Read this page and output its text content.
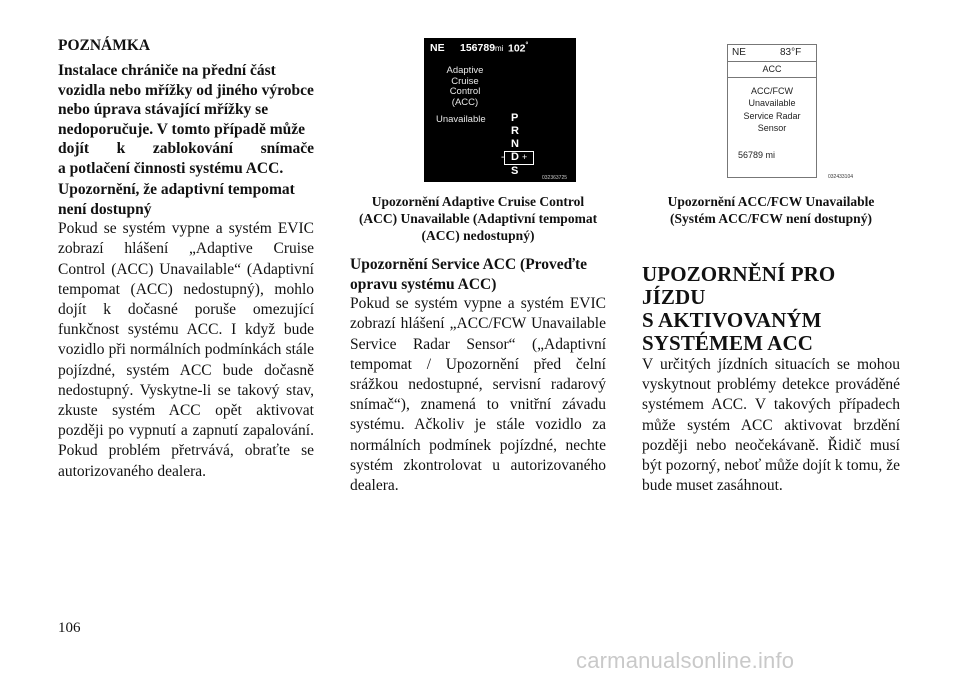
POZNÁMKA

Instalace chrániče na přední část

vozidla nebo mřížky od jiného výrobce

nebo úprava stávající mřížky se

nedoporučuje. V tomto případě může

dojít k zablokování snímače

a potlačení činnosti systému ACC.

Upozornění, že adaptivní tempomat

není dostupný

Pokud se systém vypne a systém EVIC zobrazí hlášení „Adaptive Cruise Control (ACC) Unavailable“ (Adaptivní tempomat (ACC) nedostupný), mohlo dojít k dočasné poruše omezující funkčnost systému ACC. I když bude vozidlo při normálních podmínkách stále pojízdné, systém ACC bude dočasně nedostupný. Vyskytne-li se takový stav, zkuste systém ACC opět aktivovat později po vypnutí a zapnutí zapalování. Pokud problém přetrvává, obraťte se autorizovaného dealera.

NE 156789mi 102°
Adaptive
Cruise
Control
(ACC)
Unavailable P
R
N
- D +
S
032363725
Upozornění Adaptive Cruise Control
(ACC) Unavailable (Adaptivní tempomat
(ACC) nedostupný)
NE	83°F
ACC
ACC/FCW
Unavailable
Service Radar
Sensor
56789 mi
032433104
Upozornění ACC/FCW Unavailable
(Systém ACC/FCW není dostupný)

Upozornění Service ACC (Proveďte

opravu systému ACC)

Pokud se systém vypne a systém EVIC zobrazí hlášení „ACC/FCW Unavailable Service Radar Sensor“ („Adaptivní tempomat / Upozornění před čelní srážkou nedostupné, servisní radarový snímač“), znamená to vnitřní závadu systému. Ačkoliv je stále vozidlo za normálních podmínek pojízdné, nechte systém zkontrolovat u autorizovaného dealera.

UPOZORNĚNÍ PRO JÍZDU

S AKTIVOVANÝM

SYSTÉMEM ACC

V určitých jízdních situacích se mohou vyskytnout problémy detekce prováděné systémem ACC. V takových případech může systém ACC aktivovat brzdění později nebo neočekávaně. Řidič musí být pozorný, neboť může dojít k tomu, že bude muset zasáhnout.

106
carmanualsonline.info
